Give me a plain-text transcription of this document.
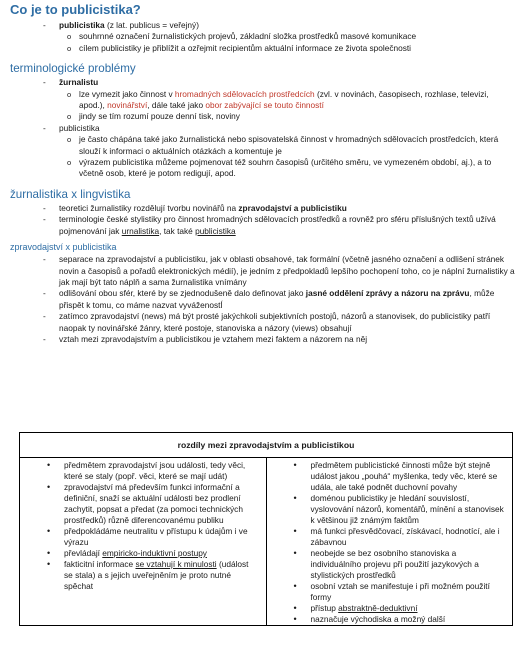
Co je to publicistika?
- publicistika (z lat. publicus = veřejný)
o souhrnné označení žurnalistických projevů, základní složka prostředků masové komunikace
o cílem publicistiky je přiblížit a ozřejmit recipientům aktuální informace ze života společnosti
terminologické problémy
- žurnalistu
o lze vymezit jako činnost v hromadných sdělovacích prostředcích (zvl. v novinách, časopisech, rozhlase, televizi, apod.), novinářství, dále také jako obor zabývající se touto činností
o jindy se tím rozumí pouze denní tisk, noviny
- publicistika
o je často chápána také jako žurnalistická nebo spisovatelská činnost v hromadných sdělovacích prostředcích, která slouží k informaci o aktuálních otázkách a komentuje je
o výrazem publicistika můžeme pojmenovat též souhrn časopisů (určitého směru, ve vymezeném období, aj.), a to včetně osob, které je potom redigují, apod.
žurnalistika x lingvistika
- teoretici žurnalistiky rozdělují tvorbu novinářů na zpravodajství a publicistiku
- terminologie české stylistiky pro činnost hromadných sdělovacích prostředků a rovněž pro sféru příslušných textů užívá pojmenování jak urnalistika, tak také publicistika
zpravodajství x publicistika
- separace na zpravodajství a publicistiku, jak v oblasti obsahové, tak formální (včetně jasného označení a odlišení stránek novin a časopisů a pořadů elektronických médií), je jedním z předpokladů lepšího pochopení toho, co je náplní žurnalistiky a jak mají být tato náplň a sama žurnalistika vnímány
- odlišování obou sfér, které by se zjednodušeně dalo definovat jako jasné oddělení zprávy a názoru na zprávu, může přispět k tomu, co máme nazvat vyváženostÍ
- zatímco zpravodajství (news) má být prosté jakýchkoli subjektivních postojů, názorů a stanovisek, do publicistiky patří naopak ty novinářské žánry, které postoje, stanoviska a názory (views) obsahují
- vztah mezi zpravodajstvím a publicistikou je vztahem mezi faktem a názorem na něj
rozdíly mezi zpravodajstvím a publicistikou

• předmětem zpravodajství jsou události, tedy věci, které se staly (popř. věci, které se mají udát)
• zpravodajství má především funkci informační a definiční, snaží se aktuální události bez prodlení zachytit, popsat a předat (za pomoci technických prostředků) různě diferencovanému publiku
• předpokládáme neutralitu v přístupu k údajům i ve výrazu
• převládají empiricko-induktivní postupy
• fakticitní informace se vztahují k minulosti (událost se stala) a s jejich uveřejněním je proto nutné spěchat

• předmětem publicistické činnosti může být stejně událost jakou „pouhá“ myšlenka, tedy věc, které se udála, ale také podnět duchovní povahy
• doménou publicistiky je hledání souvislostí, vyslovování názorů, komentářů, mínění a stanovisek k většinou již známým faktům
• má funkci přesvědčovací, získávací, hodnotící, ale i zábavnou
• neobejde se bez osobního stanoviska a individuálního projevu při použití jazykových a stylistických prostředků
• osobní vztah se manifestuje i při možném použití formy
• přístup abstraktně-deduktivní
• naznačuje východiska a možný další
